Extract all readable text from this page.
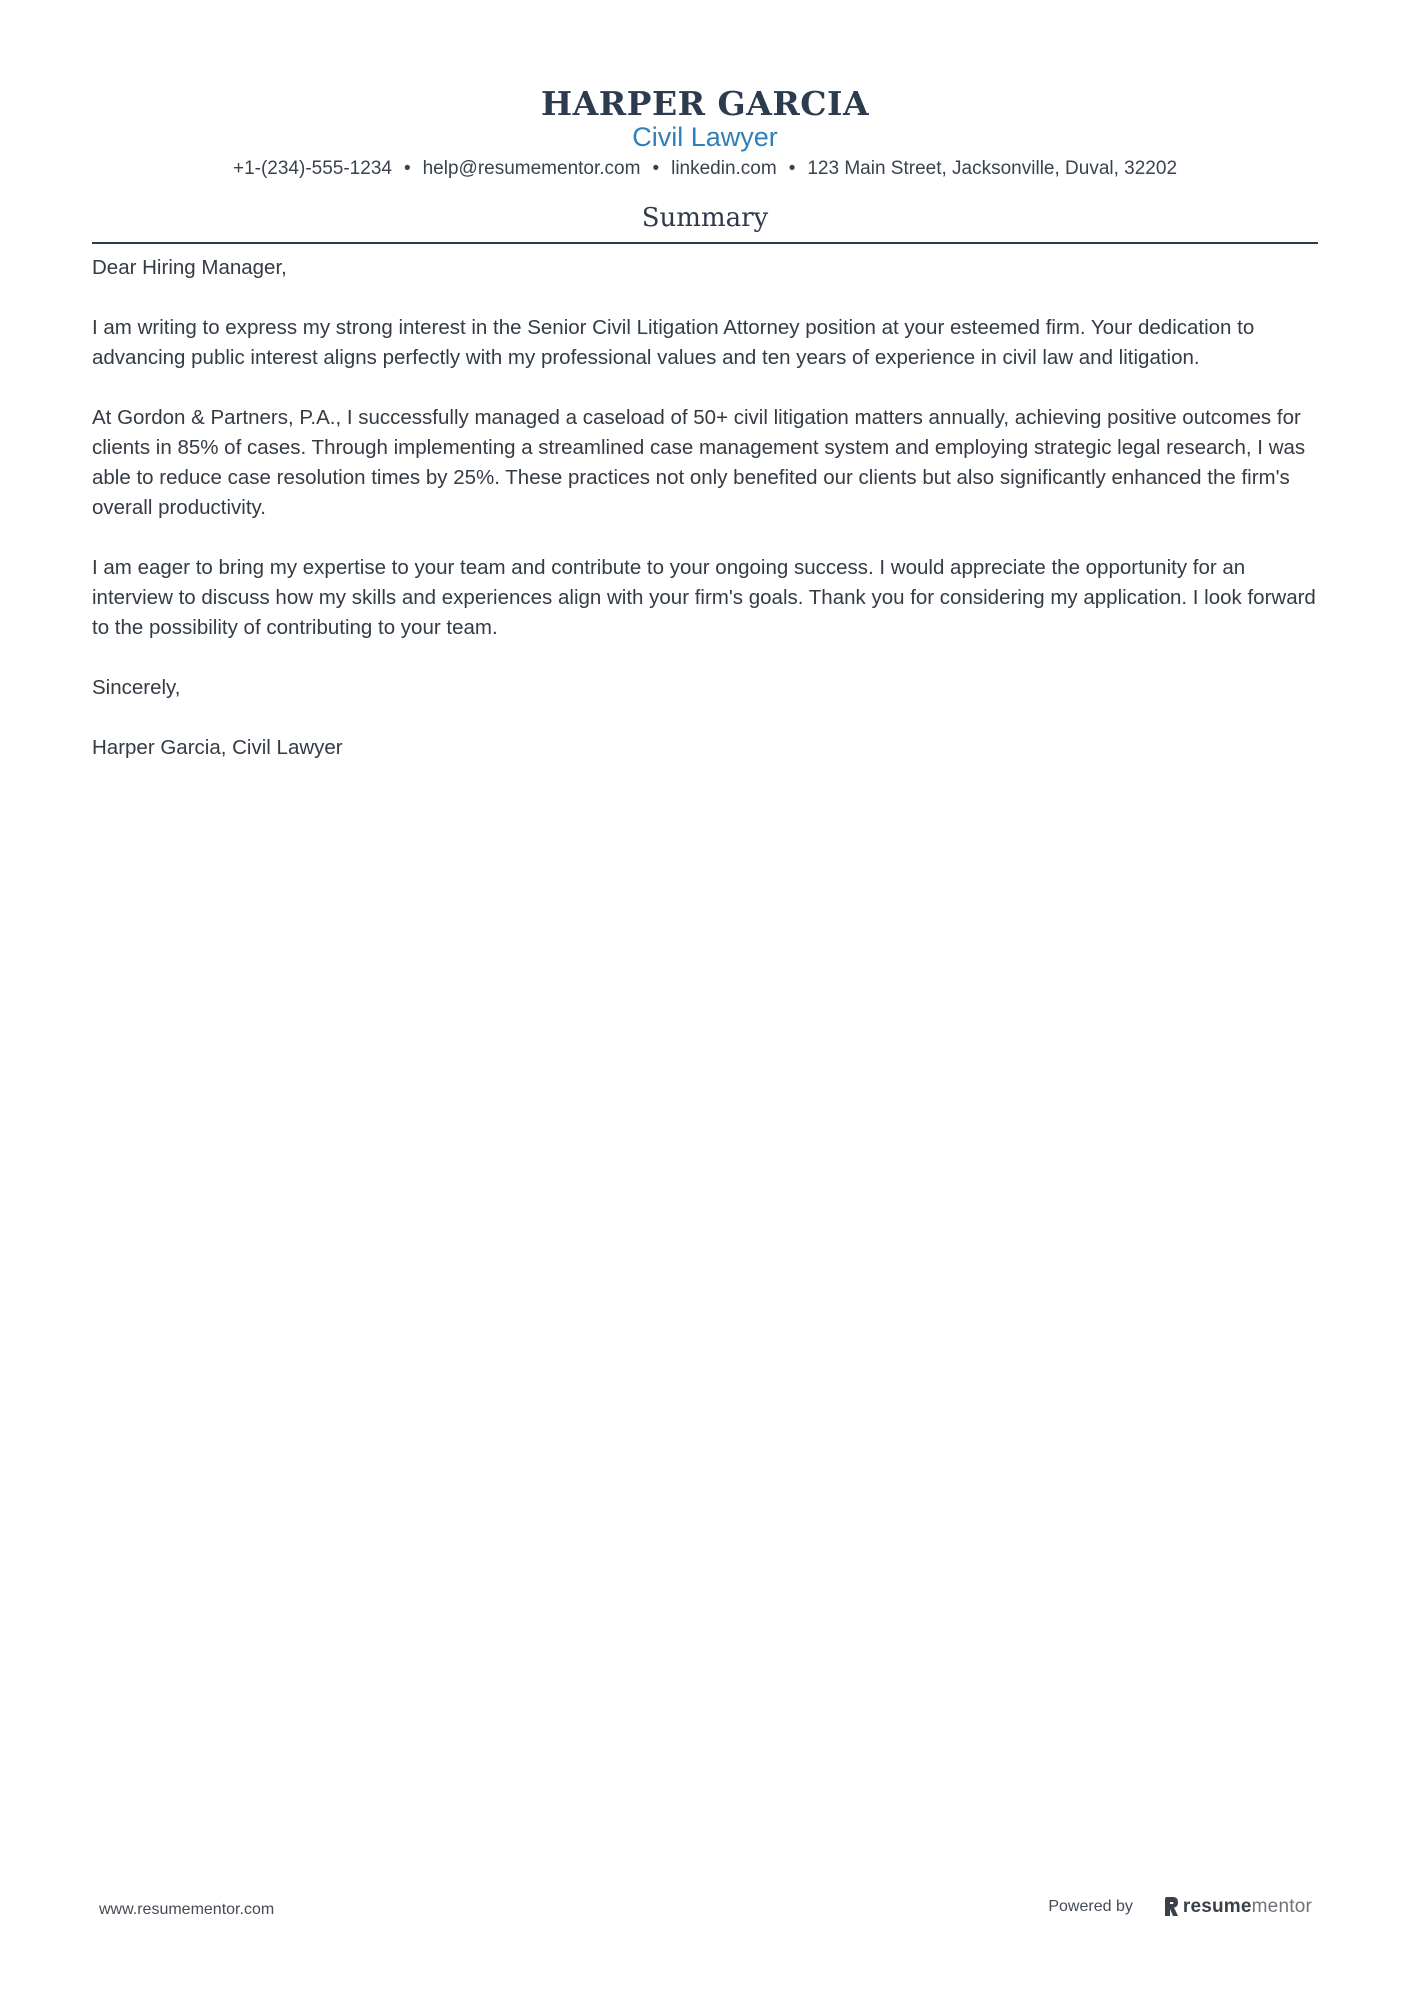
HARPER GARCIA
Civil Lawyer
+1-(234)-555-1234 • help@resumementor.com • linkedin.com • 123 Main Street, Jacksonville, Duval, 32202
Summary

Dear Hiring Manager,

I am writing to express my strong interest in the Senior Civil Litigation Attorney position at your esteemed firm. Your dedication to advancing public interest aligns perfectly with my professional values and ten years of experience in civil law and litigation.

At Gordon & Partners, P.A., I successfully managed a caseload of 50+ civil litigation matters annually, achieving positive outcomes for clients in 85% of cases. Through implementing a streamlined case management system and employing strategic legal research, I was able to reduce case resolution times by 25%. These practices not only benefited our clients but also significantly enhanced the firm's overall productivity.

I am eager to bring my expertise to your team and contribute to your ongoing success. I would appreciate the opportunity for an interview to discuss how my skills and experiences align with your firm's goals. Thank you for considering my application. I look forward to the possibility of contributing to your team.

Sincerely,

Harper Garcia, Civil Lawyer

www.resumementor.com	Powered by	resumementor
